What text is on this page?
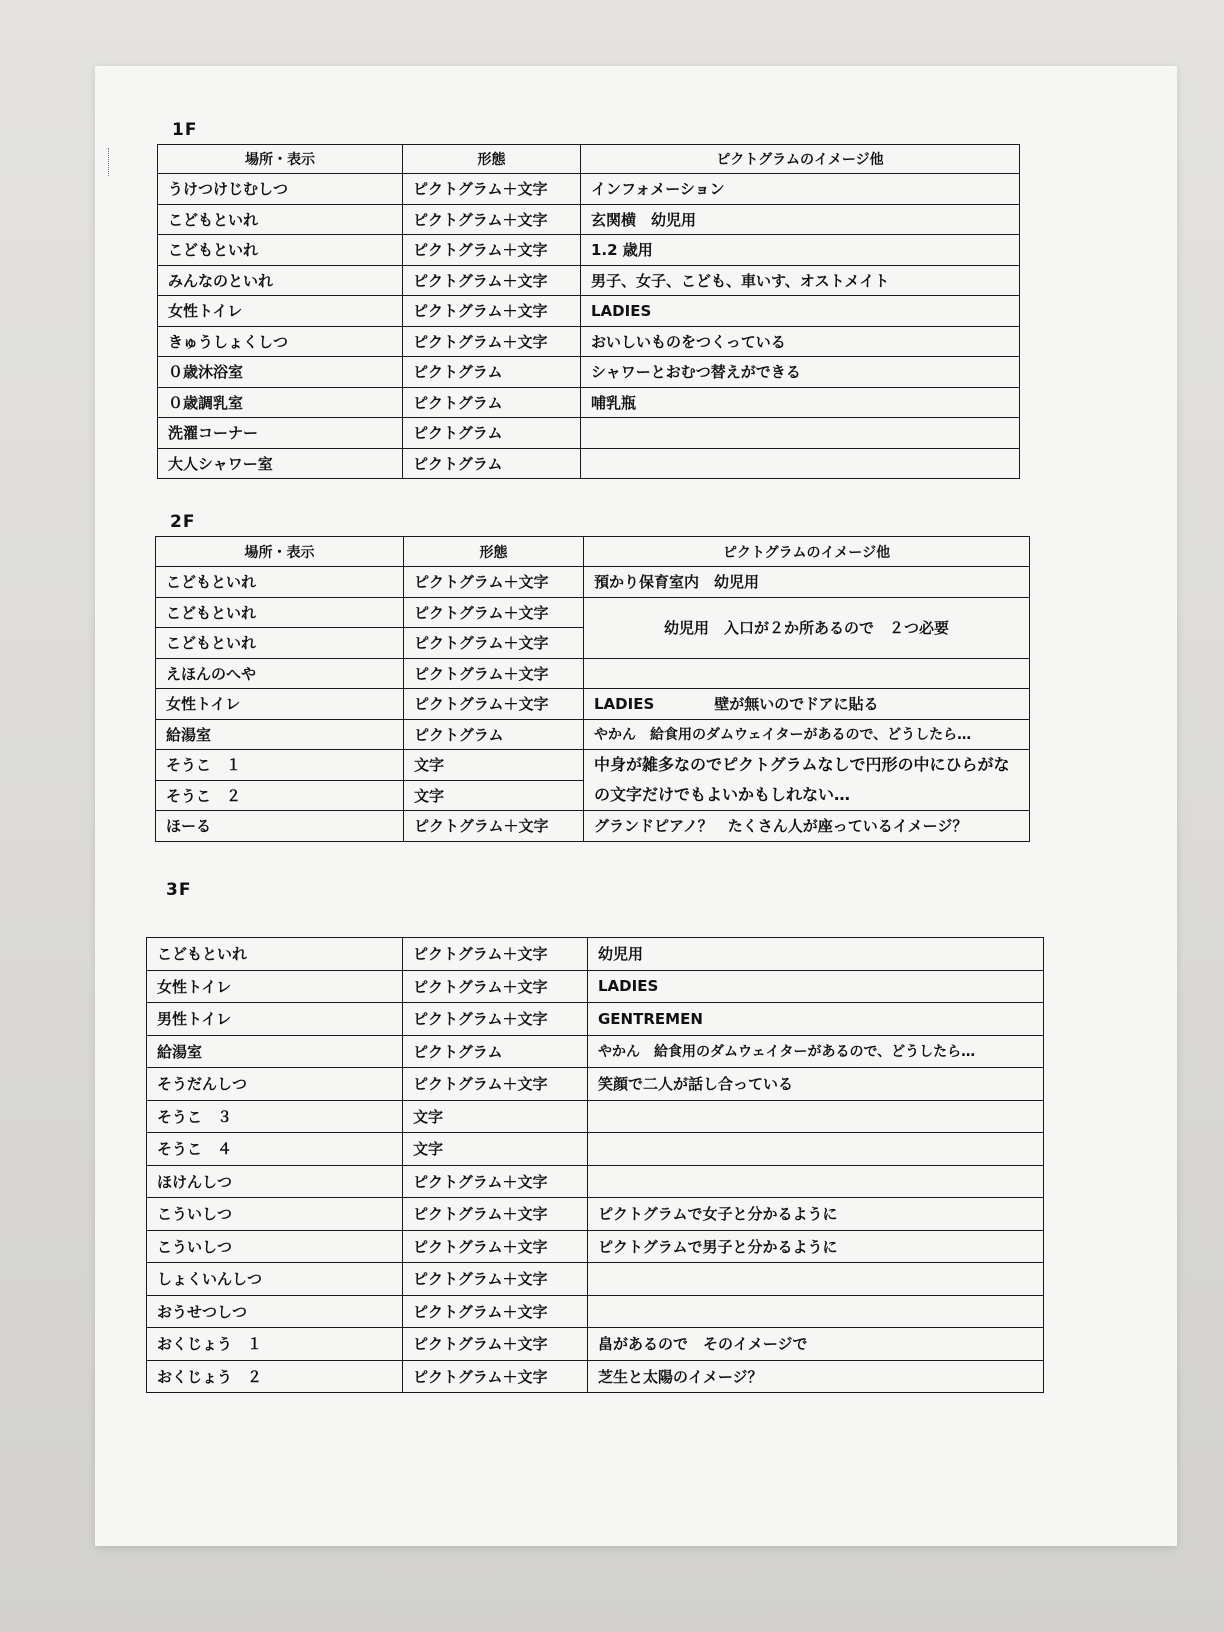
1F
場所・表示	形態	ピクトグラムのイメージ他
うけつけじむしつ	ピクトグラム＋文字	インフォメーション
こどもといれ	ピクトグラム＋文字	玄関横　幼児用
こどもといれ	ピクトグラム＋文字	1.2 歳用
みんなのといれ	ピクトグラム＋文字	男子、女子、こども、車いす、オストメイト
女性トイレ	ピクトグラム＋文字	LADIES
きゅうしょくしつ	ピクトグラム＋文字	おいしいものをつくっている
０歳沐浴室	ピクトグラム	シャワーとおむつ替えができる
０歳調乳室	ピクトグラム	哺乳瓶
洗濯コーナー	ピクトグラム	
大人シャワー室	ピクトグラム	
2F
場所・表示	形態	ピクトグラムのイメージ他
こどもといれ	ピクトグラム＋文字	預かり保育室内　幼児用
こどもといれ	ピクトグラム＋文字	幼児用　入口が２か所あるので　２つ必要
こどもといれ	ピクトグラム＋文字	
えほんのへや	ピクトグラム＋文字	
女性トイレ	ピクトグラム＋文字	LADIES　　　　壁が無いのでドアに貼る
給湯室	ピクトグラム	やかん　給食用のダムウェイターがあるので、どうしたら…
そうこ　１	文字	中身が雑多なのでピクトグラムなしで円形の中にひらがなの文字だけでもよいかもしれない…
そうこ　２	文字	
ほーる	ピクトグラム＋文字	グランドピアノ？　たくさん人が座っているイメージ？
3F
こどもといれ	ピクトグラム＋文字	幼児用
女性トイレ	ピクトグラム＋文字	LADIES
男性トイレ	ピクトグラム＋文字	GENTREMEN
給湯室	ピクトグラム	やかん　給食用のダムウェイターがあるので、どうしたら…
そうだんしつ	ピクトグラム＋文字	笑顔で二人が話し合っている
そうこ　３	文字	
そうこ　４	文字	
ほけんしつ	ピクトグラム＋文字	
こういしつ	ピクトグラム＋文字	ピクトグラムで女子と分かるように
こういしつ	ピクトグラム＋文字	ピクトグラムで男子と分かるように
しょくいんしつ	ピクトグラム＋文字	
おうせつしつ	ピクトグラム＋文字	
おくじょう　１	ピクトグラム＋文字	畠があるので　そのイメージで
おくじょう　２	ピクトグラム＋文字	芝生と太陽のイメージ？
